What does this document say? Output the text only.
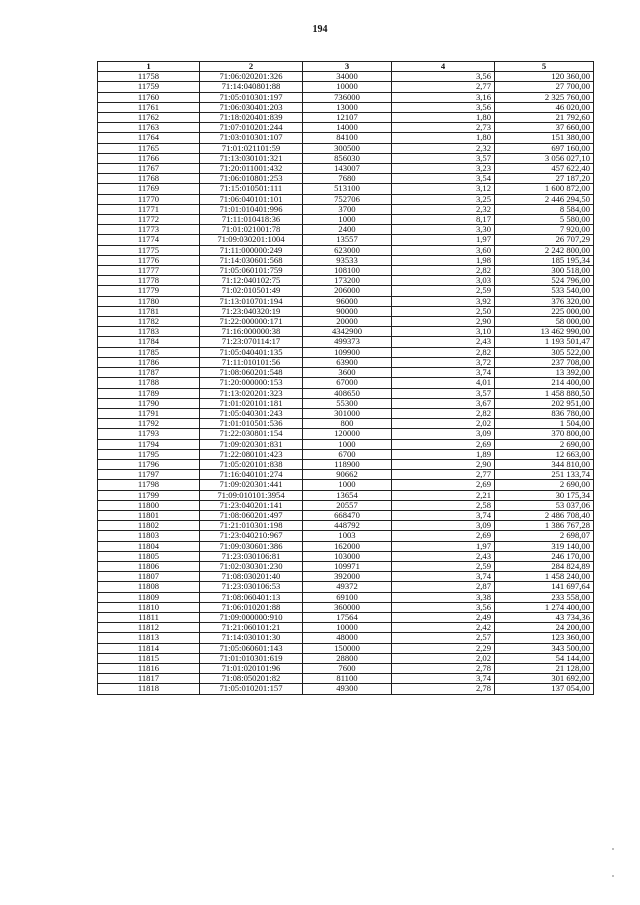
194
1	2	3	4	5
11758	71:06:020201:326	34000	3,56	120 360,00
11759	71:14:040801:88	10000	2,77	27 700,00
11760	71:05:010301:197	736000	3,16	2 325 760,00
11761	71:06:030401:203	13000	3,56	46 020,00
11762	71:18:020401:839	12107	1,80	21 792,60
11763	71:07:010201:244	14000	2,73	37 660,00
11764	71:03:010301:107	84100	1,80	151 380,00
11765	71:01:021101:59	300500	2,32	697 160,00
11766	71:13:030101:321	856030	3,57	3 056 027,10
11767	71:20:011001:432	143007	3,23	457 622,40
11768	71:06:010801:253	7680	3,54	27 187,20
11769	71:15:010501:111	513100	3,12	1 600 872,00
11770	71:06:040101:101	752706	3,25	2 446 294,50
11771	71:01:010401:996	3700	2,32	8 584,00
11772	71:11:010418:36	1000	8,17	5 580,00
11773	71:01:021001:78	2400	3,30	7 920,00
11774	71:09:030201:1004	13557	1,97	26 707,29
11775	71:11:000000:249	623000	3,60	2 242 800,00
11776	71:14:030601:568	93533	1,98	185 195,34
11777	71:05:060101:759	108100	2,82	300 518,00
11778	71:12:040102:75	173200	3,03	524 796,00
11779	71:02:010501:49	206000	2,59	533 540,00
11780	71:13:010701:194	96000	3,92	376 320,00
11781	71:23:040320:19	90000	2,50	225 000,00
11782	71:22:000000:171	20000	2,90	58 000,00
11783	71:16:000000:38	4342900	3,10	13 462 990,00
11784	71:23:070114:17	499373	2,43	1 193 501,47
11785	71:05:040401:135	109900	2,82	305 522,00
11786	71:11:010101:56	63900	3,72	237 708,00
11787	71:08:060201:548	3600	3,74	13 392,00
11788	71:20:000000:153	67000	4,01	214 400,00
11789	71:13:020201:323	408650	3,57	1 458 880,50
11790	71:01:020101:181	55300	3,67	202 951,00
11791	71:05:040301:243	301000	2,82	836 780,00
11792	71:01:010501:536	800	2,02	1 504,00
11793	71:22:030801:154	120000	3,09	370 800,00
11794	71:09:020301:831	1000	2,69	2 690,00
11795	71:22:080101:423	6700	1,89	12 663,00
11796	71:05:020101:838	118900	2,90	344 810,00
11797	71:16:040101:274	90662	2,77	251 133,74
11798	71:09:020301:441	1000	2,69	2 690,00
11799	71:09:010101:3954	13654	2,21	30 175,34
11800	71:23:040201:141	20557	2,58	53 037,06
11801	71:08:060201:497	668470	3,74	2 486 708,40
11802	71:21:010301:198	448792	3,09	1 386 767,28
11803	71:23:040210:967	1003	2,69	2 698,07
11804	71:09:030601:386	162000	1,97	319 140,00
11805	71:23:030106:81	103000	2,43	246 170,00
11806	71:02:030301:230	109971	2,59	284 824,89
11807	71:08:030201:40	392000	3,74	1 458 240,00
11808	71:23:030106:53	49372	2,87	141 697,64
11809	71:08:060401:13	69100	3,38	233 558,00
11810	71:06:010201:88	360000	3,56	1 274 400,00
11811	71:09:000000:910	17564	2,49	43 734,36
11812	71:21:060101:21	10000	2,42	24 200,00
11813	71:14:030101:30	48000	2,57	123 360,00
11814	71:05:060601:143	150000	2,29	343 500,00
11815	71:01:010301:619	28800	2,02	54 144,00
11816	71:01:020101:96	7600	2,78	21 128,00
11817	71:08:050201:82	81100	3,74	301 692,00
11818	71:05:010201:157	49300	2,78	137 054,00
